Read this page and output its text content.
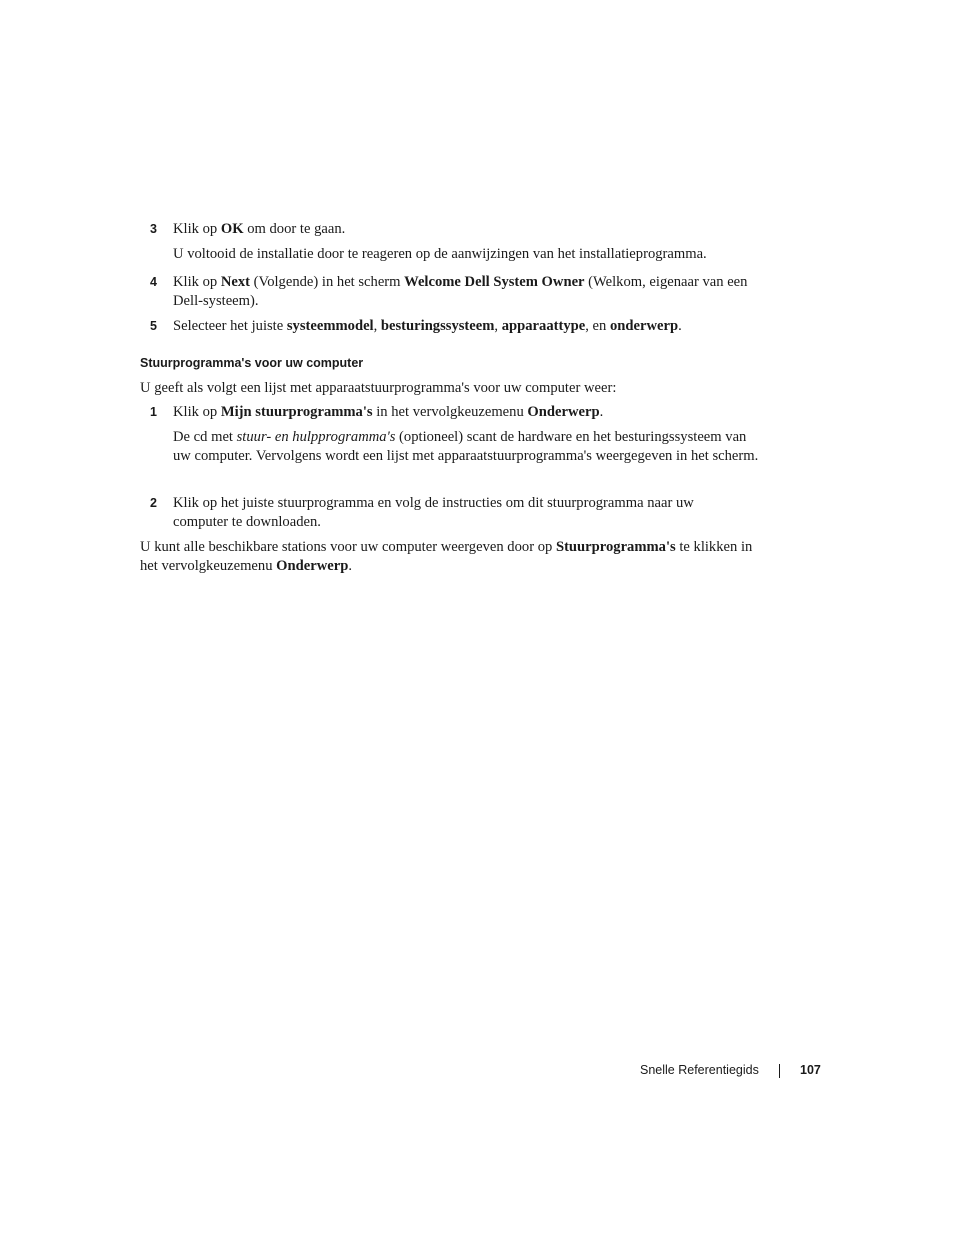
3	Klik op OK om door te gaan.
U voltooid de installatie door te reageren op de aanwijzingen van het installatieprogramma.
4	Klik op Next (Volgende) in het scherm Welcome Dell System Owner (Welkom, eigenaar van een Dell-systeem).
5	Selecteer het juiste systeemmodel, besturingssysteem, apparaattype, en onderwerp.
Stuurprogramma's voor uw computer
U geeft als volgt een lijst met apparaatstuurprogramma's voor uw computer weer:
1	Klik op Mijn stuurprogramma's in het vervolgkeuzemenu Onderwerp.
De cd met stuur- en hulpprogramma's (optioneel) scant de hardware en het besturingssysteem van uw computer. Vervolgens wordt een lijst met apparaatstuurprogramma's weergegeven in het scherm.
2	Klik op het juiste stuurprogramma en volg de instructies om dit stuurprogramma naar uw computer te downloaden.
U kunt alle beschikbare stations voor uw computer weergeven door op Stuurprogramma's te klikken in het vervolgkeuzemenu Onderwerp.
Snelle Referentiegids	107
